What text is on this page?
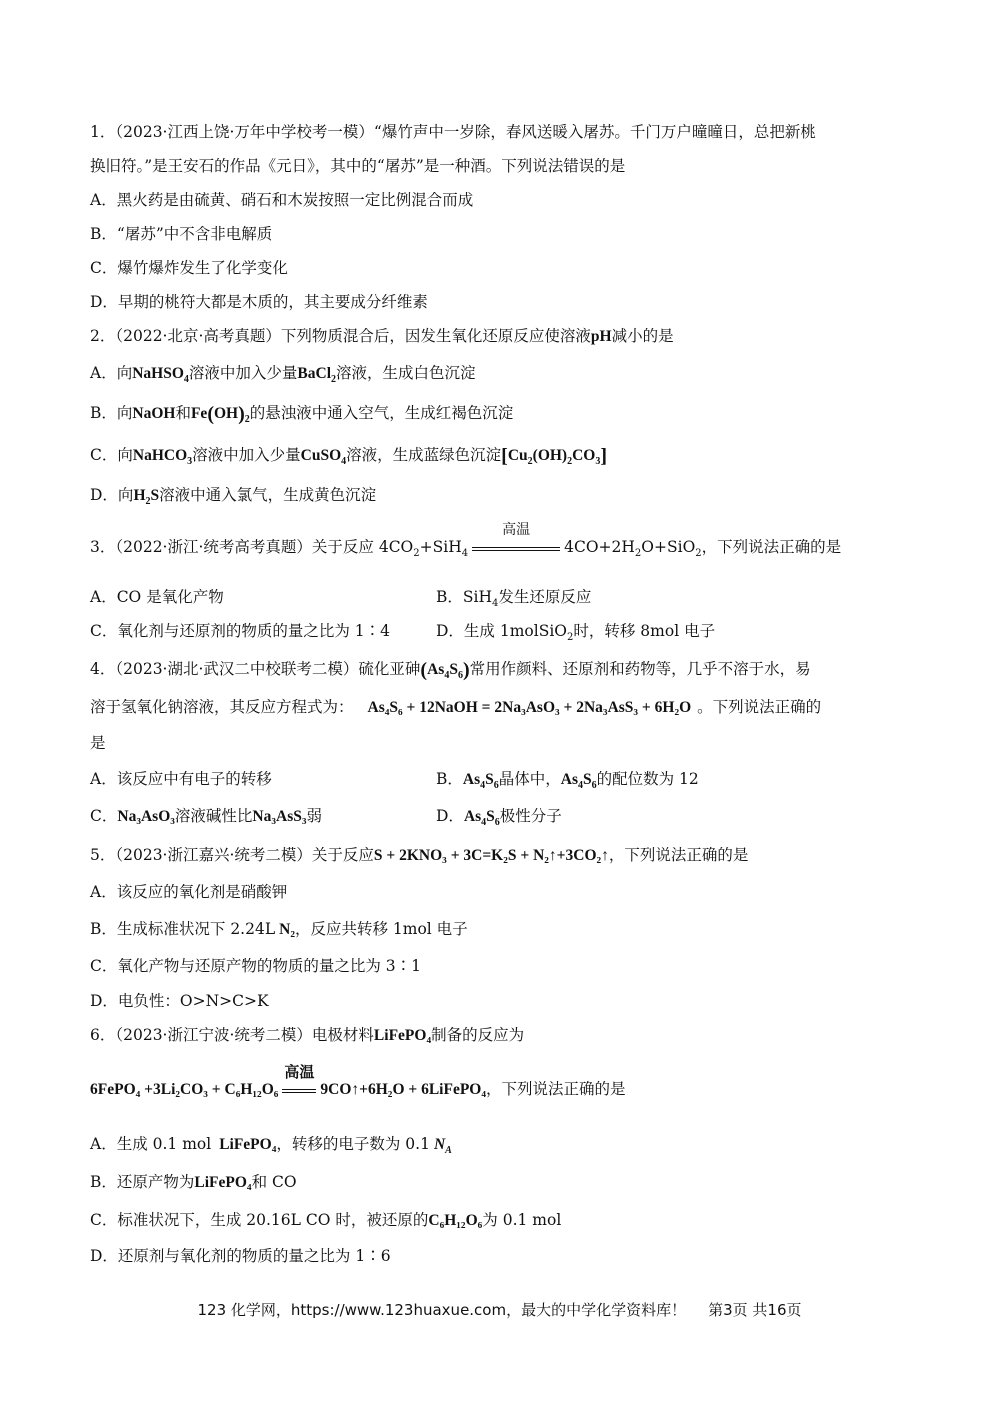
1．（2023·江西上饶·万年中学校考一模）“爆竹声中一岁除，春风送暖入屠苏。千门万户曈曈日，总把新桃
换旧符。”是王安石的作品《元日》，其中的“屠苏”是一种酒。下列说法错误的是
A．黑火药是由硫黄、硝石和木炭按照一定比例混合而成
B．“屠苏”中不含非电解质
C．爆竹爆炸发生了化学变化
D．早期的桃符大都是木质的，其主要成分纤维素
2．（2022·北京·高考真题）下列物质混合后，因发生氧化还原反应使溶液pH减小的是
A．向NaHSO$_4$溶液中加入少量BaCl$_2$溶液，生成白色沉淀
B．向NaOH和$Fe(OH)_2$的悬浊液中通入空气，生成红褐色沉淀
C．向NaHCO$_3$溶液中加入少量CuSO$_4$溶液，生成蓝绿色沉淀$[Cu_2(OH)_2CO_3]$
D．向$H_2S$溶液中通入氯气，生成黄色沉淀
3．（2022·浙江·统考高考真题）关于反应 $4CO_2+SiH_4$
高温
$4CO+2H_2O+SiO_2$，下列说法正确的是
A．CO 是氧化产物	B．SiH$_4$发生还原反应
C．氧化剂与还原剂的物质的量之比为 1∶4	D．生成 1molSiO$_2$时，转移 8mol 电子
4．（2023·湖北·武汉二中校联考二模）硫化亚砷$(As_4S_6)$常用作颜料、还原剂和药物等，几乎不溶于水，易
溶于氢氧化钠溶液，其反应方程式为： As₄S₆ + 12NaOH = 2Na₃AsO₃ + 2Na₃AsS₃ + 6H₂O 。下列说法正确的
是
A．该反应中有电子的转移	B．$As_4S_6$晶体中，$As_4S_6$的配位数为 12
C．Na₃AsO₃溶液碱性比Na₃AsS₃弱	D．$As_4S_6$极性分子
5．（2023·浙江嘉兴·统考二模）关于反应S + 2KNO₃ + 3C=K₂S + N₂↑+3CO₂↑，下列说法正确的是
A．该反应的氧化剂是硝酸钾
B．生成标准状况下 2.24L N₂，反应共转移 1mol 电子
C．氧化产物与还原产物的物质的量之比为 3∶1
D．电负性：O>N>C>K
6．（2023·浙江宁波·统考二模）电极材料LiFePO₄制备的反应为
6FePO₄ +3Li₂CO₃ + C₆H₁₂O₆
高温
9CO↑+6H₂O + 6LiFePO₄，下列说法正确的是
A．生成 0.1 mol LiFePO₄，转移的电子数为 0.1 $N_A$
B．还原产物为LiFePO₄和 CO
C．标准状况下，生成 20.16L CO 时，被还原的C₆H₁₂O₆为 0.1 mol
D．还原剂与氧化剂的物质的量之比为 1∶6
123 化学网，https://www.123huaxue.com，最大的中学化学资料库！ 第3页 共16页
